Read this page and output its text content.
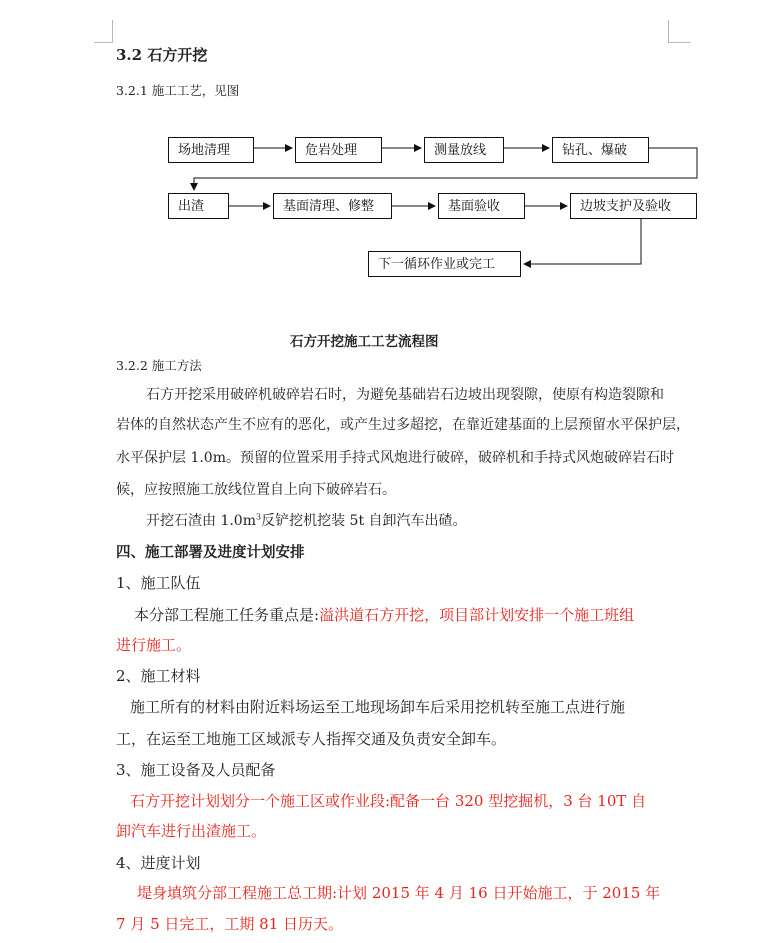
3.2 石方开挖
3.2.1 施工工艺，见图
场地清理	危岩处理	测量放线	钻孔、爆破
出渣	基面清理、修整	基面验收	边坡支护及验收
下一循环作业或完工
石方开挖施工工艺流程图
3.2.2 施工方法
石方开挖采用破碎机破碎岩石时，为避免基础岩石边坡出现裂隙，使原有构造裂隙和
岩体的自然状态产生不应有的恶化，或产生过多超挖，在靠近建基面的上层预留水平保护层，
水平保护层 1.0m。预留的位置采用手持式风炮进行破碎，破碎机和手持式风炮破碎岩石时
候，应按照施工放线位置自上向下破碎岩石。
开挖石渣由 $1.0m^3$反铲挖机挖装 5t 自卸汽车出碴。
四、施工部署及进度计划安排
1、施工队伍
本分部工程施工任务重点是:溢洪道石方开挖，项目部计划安排一个施工班组
进行施工。
2、施工材料
施工所有的材料由附近料场运至工地现场卸车后采用挖机转至施工点进行施
工，在运至工地施工区域派专人指挥交通及负责安全卸车。
3、施工设备及人员配备
石方开挖计划划分一个施工区或作业段:配备一台 320 型挖掘机，3 台 10T 自
卸汽车进行出渣施工。
4、进度计划
堤身填筑分部工程施工总工期:计划 2015 年 4 月 16 日开始施工，于 2015 年
7 月 5 日完工，工期 81 日历天。
